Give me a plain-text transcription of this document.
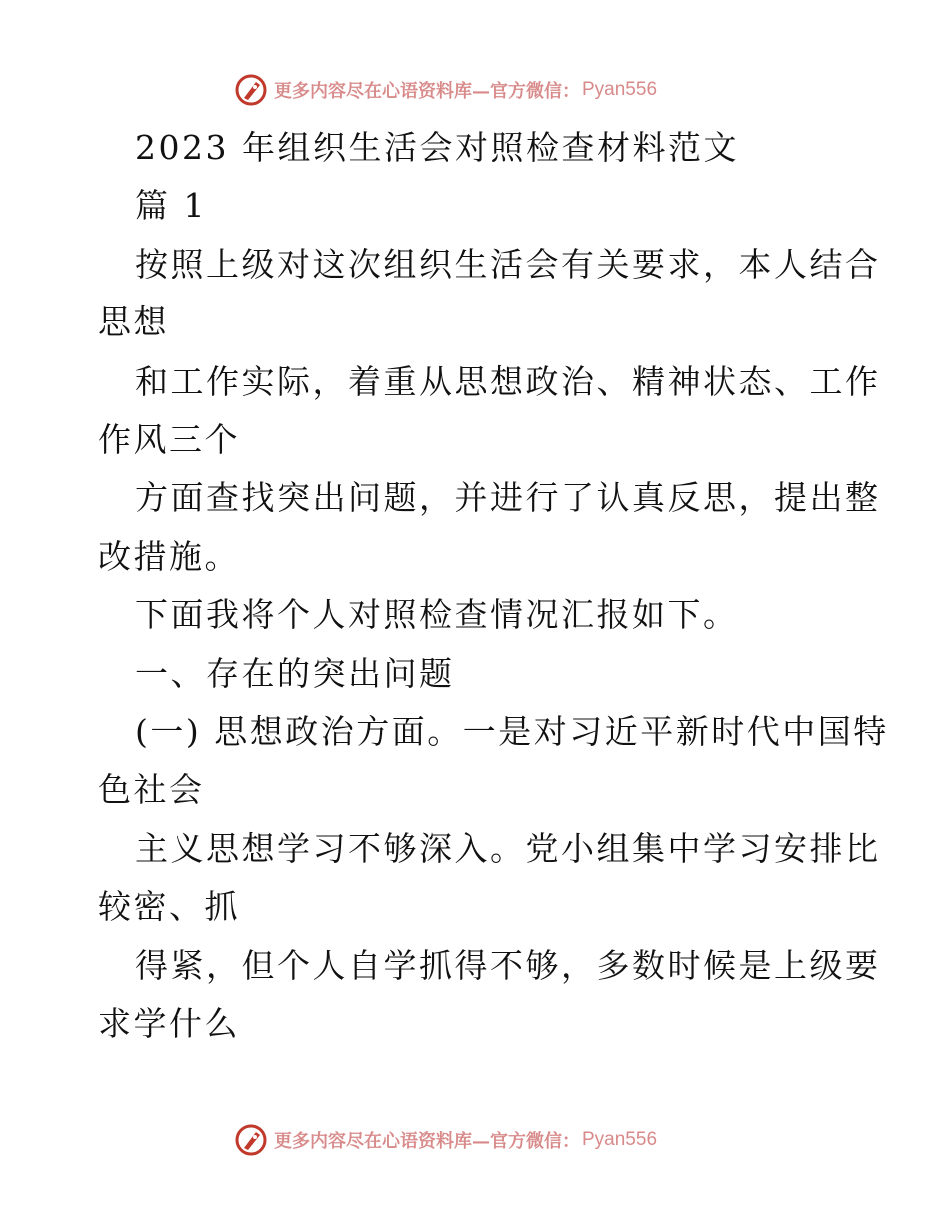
更多内容尽在心语资料库—官方微信： Pyan556
2023 年组织生活会对照检查材料范文
篇 1
按照上级对这次组织生活会有关要求，本人结合
思想
和工作实际，着重从思想政治、精神状态、工作
作风三个
方面查找突出问题，并进行了认真反思，提出整
改措施。
下面我将个人对照检查情况汇报如下。
一、存在的突出问题
(一) 思想政治方面。一是对习近平新时代中国特
色社会
主义思想学习不够深入。党小组集中学习安排比
较密、抓
得紧，但个人自学抓得不够，多数时候是上级要
求学什么
更多内容尽在心语资料库—官方微信： Pyan556
